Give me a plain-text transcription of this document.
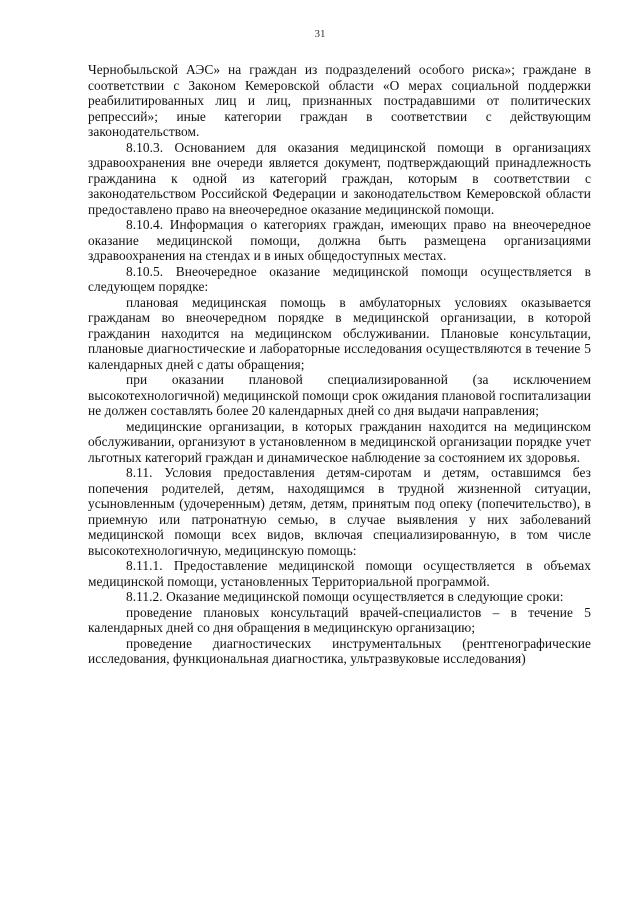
31

Чернобыльской АЭС» на граждан из подразделений особого риска»; граждане в соответствии с Законом Кемеровской области «О мерах социальной поддержки реабилитированных лиц и лиц, признанных пострадавшими от политических репрессий»; иные категории граждан в соответствии с действующим законодательством.

8.10.3. Основанием для оказания медицинской помощи в организациях здравоохранения вне очереди является документ, подтверждающий принадлежность гражданина к одной из категорий граждан, которым в соответствии с законодательством Российской Федерации и законодательством Кемеровской области предоставлено право на внеочередное оказание медицинской помощи.

8.10.4. Информация о категориях граждан, имеющих право на внеочередное оказание медицинской помощи, должна быть размещена организациями здравоохранения на стендах и в иных общедоступных местах.

8.10.5. Внеочередное оказание медицинской помощи осуществляется в следующем порядке:

плановая медицинская помощь в амбулаторных условиях оказывается гражданам во внеочередном порядке в медицинской организации, в которой гражданин находится на медицинском обслуживании. Плановые консультации, плановые диагностические и лабораторные исследования осуществляются в течение 5 календарных дней с даты обращения;

при оказании плановой специализированной (за исключением высокотехнологичной) медицинской помощи срок ожидания плановой госпитализации не должен составлять более 20 календарных дней со дня выдачи направления;

медицинские организации, в которых гражданин находится на медицинском обслуживании, организуют в установленном в медицинской организации порядке учет льготных категорий граждан и динамическое наблюдение за состоянием их здоровья.

8.11. Условия предоставления детям-сиротам и детям, оставшимся без попечения родителей, детям, находящимся в трудной жизненной ситуации, усыновленным (удочеренным) детям, детям, принятым под опеку (попечительство), в приемную или патронатную семью, в случае выявления у них заболеваний медицинской помощи всех видов, включая специализированную, в том числе высокотехнологичную, медицинскую помощь:

8.11.1. Предоставление медицинской помощи осуществляется в объемах медицинской помощи, установленных Территориальной программой.

8.11.2. Оказание медицинской помощи осуществляется в следующие сроки:

проведение плановых консультаций врачей-специалистов – в течение 5 календарных дней со дня обращения в медицинскую организацию;

проведение диагностических инструментальных (рентгенографические исследования, функциональная диагностика, ультразвуковые исследования)
